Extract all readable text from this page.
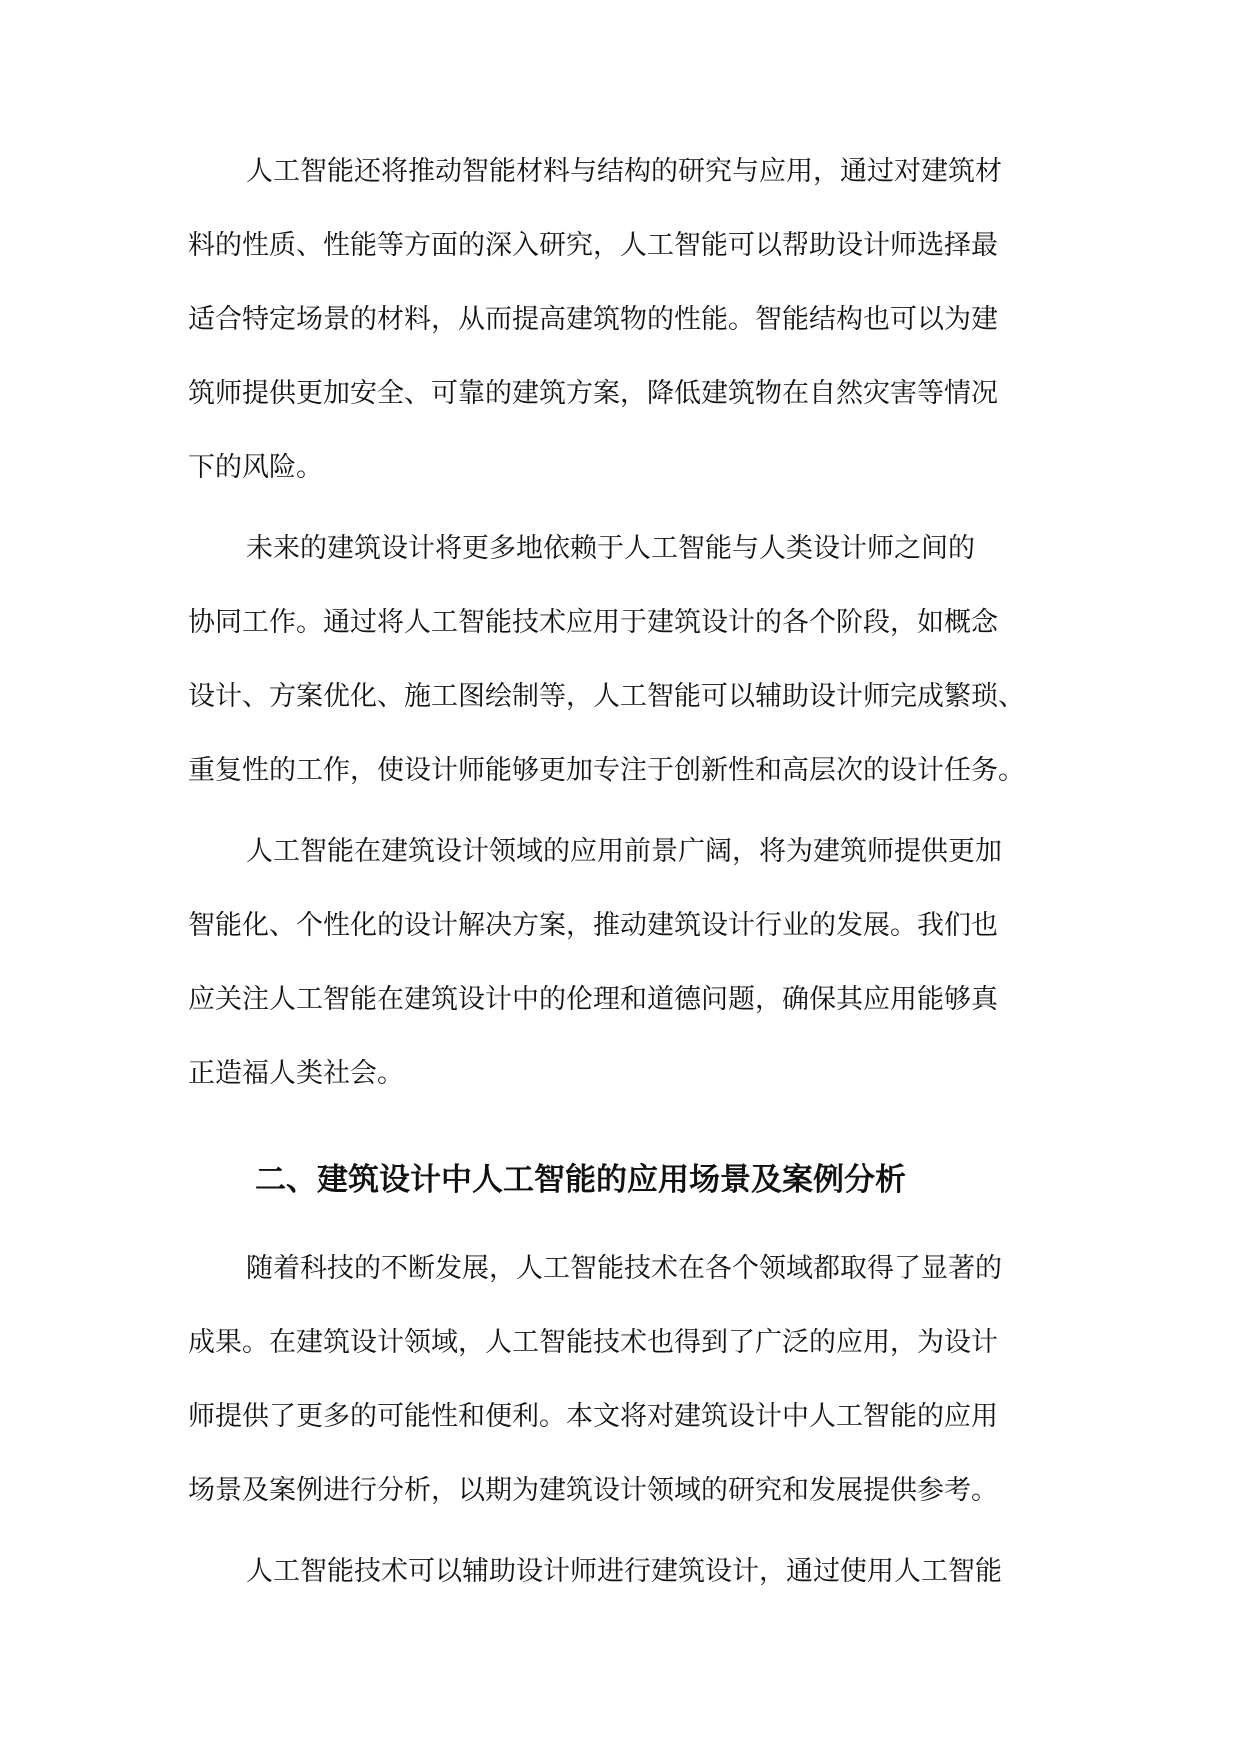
人工智能还将推动智能材料与结构的研究与应用，通过对建筑材
料的性质、性能等方面的深入研究，人工智能可以帮助设计师选择最
适合特定场景的材料，从而提高建筑物的性能。智能结构也可以为建
筑师提供更加安全、可靠的建筑方案，降低建筑物在自然灾害等情况
下的风险。
未来的建筑设计将更多地依赖于人工智能与人类设计师之间的
协同工作。通过将人工智能技术应用于建筑设计的各个阶段，如概念
设计、方案优化、施工图绘制等，人工智能可以辅助设计师完成繁琐、
重复性的工作，使设计师能够更加专注于创新性和高层次的设计任务。
人工智能在建筑设计领域的应用前景广阔，将为建筑师提供更加
智能化、个性化的设计解决方案，推动建筑设计行业的发展。我们也
应关注人工智能在建筑设计中的伦理和道德问题，确保其应用能够真
正造福人类社会。
二、建筑设计中人工智能的应用场景及案例分析
随着科技的不断发展，人工智能技术在各个领域都取得了显著的
成果。在建筑设计领域，人工智能技术也得到了广泛的应用，为设计
师提供了更多的可能性和便利。本文将对建筑设计中人工智能的应用
场景及案例进行分析，以期为建筑设计领域的研究和发展提供参考。
人工智能技术可以辅助设计师进行建筑设计，通过使用人工智能
